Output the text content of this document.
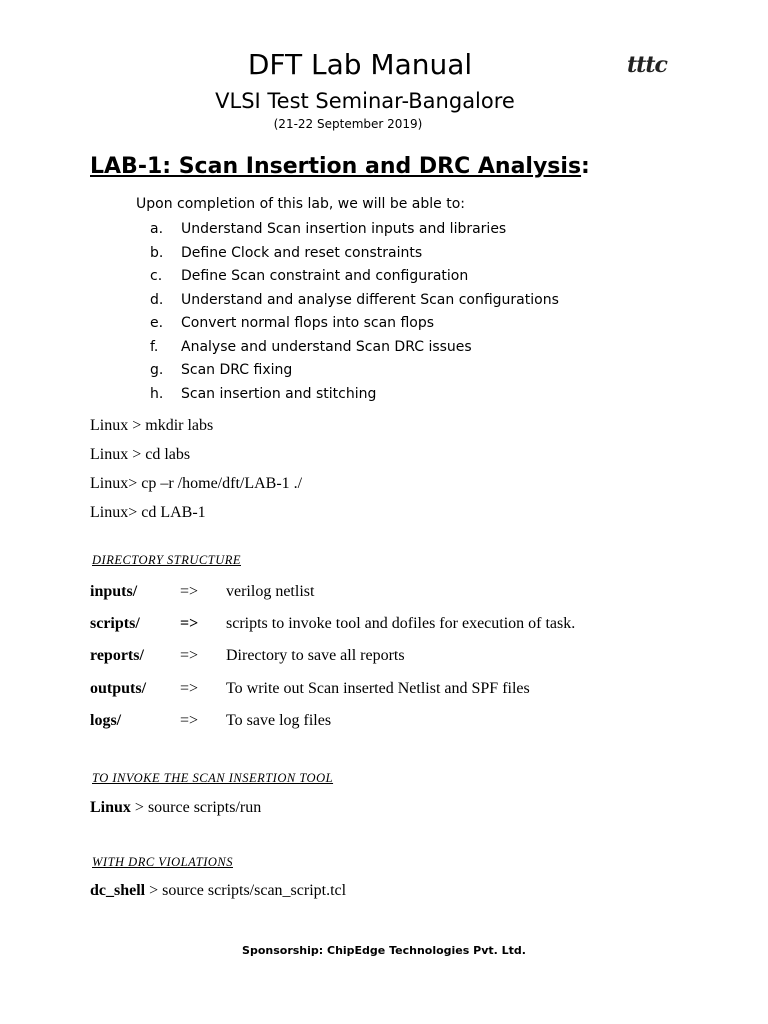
DFT Lab Manual	tttc
VLSI Test Seminar-Bangalore
(21-22 September 2019)
LAB-1: Scan Insertion and DRC Analysis:
Upon completion of this lab, we will be able to:
a.	Understand Scan insertion inputs and libraries
b.	Define Clock and reset constraints
c.	Define Scan constraint and configuration
d.	Understand and analyse different Scan configurations
e.	Convert normal flops into scan flops
f.	Analyse and understand Scan DRC issues
g.	Scan DRC fixing
h.	Scan insertion and stitching
Linux > mkdir labs
Linux > cd labs
Linux> cp –r /home/dft/LAB-1 ./
Linux> cd LAB-1
DIRECTORY STRUCTURE
inputs/	=>	verilog netlist
scripts/	=>	scripts to invoke tool and dofiles for execution of task.
reports/	=>	Directory to save all reports
outputs/	=>	To write out Scan inserted Netlist and SPF files
logs/	=>	To save log files
TO INVOKE THE SCAN INSERTION TOOL
Linux > source scripts/run
WITH DRC VIOLATIONS
dc_shell > source scripts/scan_script.tcl
Sponsorship: ChipEdge Technologies Pvt. Ltd.
